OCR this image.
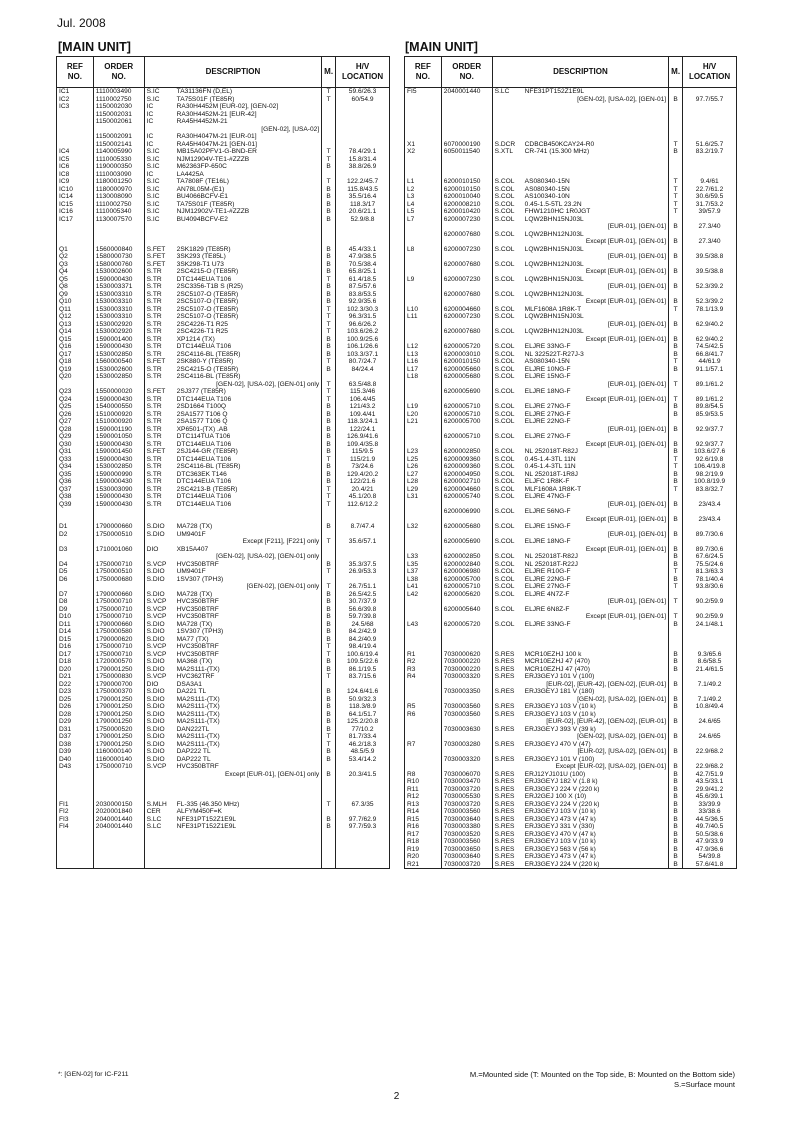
Jul. 2008
[MAIN UNIT]	[MAIN UNIT]
REF
NO.	ORDER
NO.	DESCRIPTION	M.	H/V
LOCATION
IC1	1110003490	S.IC TA31136FN (D,EL)	T	59.6/26.3
IC2	1110002750	S.IC TA75S01F (TE85R)	T	60/54.9
IC3	1150002030	IC RA30H4452M [EUR-02], [GEN-02]		
	1150002031	IC RA30H4452M-21 [EUR-42]		
	1150002061	IC RA45H4452M-21		
		[GEN-02], [USA-02]		
	1150002091	IC RA30H4047M-21 [EUR-01]		
	1150002141	IC RA45H4047M-21 [GEN-01]		
IC4	1140005990	S.IC MB15A02PFV1-G-BND-ER	T	78.4/29.1
IC5	1110005330	S.IC NJM12904V-TE1-#ZZZB	T	15.8/31.4
IC6	1190000350	S.IC M62363FP-650C	B	38.8/26.9
IC8	1110003090	IC LA4425A		
IC9	1180001250	S.IC TA7808F (TE16L)	T	122.2/45.7
IC10	1180000970	S.IC AN78L05M-(E1)	B	115.8/43.5
IC14	1130008090	S.IC BU4066BCFV-E1	B	35.5/16.4
IC15	1110002750	S.IC TA75S01F (TE85R)	B	118.3/17
IC16	1110005340	S.IC NJM12902V-TE1-#ZZZB	B	20.6/21.1
IC17	1130007570	S.IC BU4094BCFV-E2	B	52.9/8.8

Q1	1560000840	S.FET 2SK1829 (TE85R)	B	45.4/33.1
Q2	1580000730	S.FET 3SK293 (TE85L)	B	47.9/38.5
Q3	1580000760	S.FET 3SK298-T1 U73	B	70.5/38.4
Q4	1530002600	S.TR 2SC4215-O (TE85R)	B	65.8/25.1
Q5	1590000430	S.TR DTC144EUA T106	T	61.4/18.5
Q8	1530003371	S.TR 2SC3356-T1B S (R25)	B	87.5/57.6
Q9	1530003310	S.TR 2SC5107-O (TE85R)	B	83.8/53.5
Q10	1530003310	S.TR 2SC5107-O (TE85R)	B	92.9/35.6
Q11	1530003310	S.TR 2SC5107-O (TE85R)	T	102.3/30.3
Q12	1530003310	S.TR 2SC5107-O (TE85R)	T	96.3/31.5
Q13	1530002920	S.TR 2SC4226-T1 R25	T	96.6/26.2
Q14	1530002920	S.TR 2SC4226-T1 R25	T	103.6/26.2
Q15	1590001400	S.TR XP1214 (TX)	B	100.9/25.6
Q16	1590000430	S.TR DTC144EUA T106	B	106.1/26.6
Q17	1530002850	S.TR 2SC4116-BL (TE85R)	B	103.3/37.1
Q18	1560000540	S.FET 2SK880-Y (TE85R)	T	80.7/24.7
Q19	1530002600	S.TR 2SC4215-O (TE85R)	B	84/24.4
Q20	1530002850	S.TR 2SC4116-BL (TE85R)		
		[GEN-02], [USA-02], [GEN-01] only	T	63.5/48.8
Q23	1550000020	S.FET 2SJ377 (TE85R)	T	115.3/46
Q24	1590000430	S.TR DTC144EUA T106	T	106.4/45
Q25	1540000550	S.TR 2SD1664 T100Q	B	121/43.2
Q26	1510000920	S.TR 2SA1577 T106 Q	B	109.4/41
Q27	1510000920	S.TR 2SA1577 T106 Q	B	118.3/24.1
Q28	1590001190	S.TR XP6501-(TX) .AB	B	122/24.1
Q29	1590001050	S.TR DTC114TUA T106	B	126.9/41.6
Q30	1590000430	S.TR DTC144EUA T106	B	109.4/35.8
Q31	1590001450	S.FET 2SJ144-GR (TE85R)	B	115/9.5
Q33	1590000430	S.TR DTC144EUA T106	T	115/21.9
Q34	1530002850	S.TR 2SC4116-BL (TE85R)	B	73/24.6
Q35	1590000990	S.TR DTC363EK T146	B	129.4/20.2
Q36	1590000430	S.TR DTC144EUA T106	B	122/21.6
Q37	1530003090	S.TR 2SC4213-B (TE85R)	T	20.4/21
Q38	1590000430	S.TR DTC144EUA T106	T	45.1/20.8
Q39	1590000430	S.TR DTC144EUA T106	T	112.6/12.2

D1	1790000660	S.DIO MA728 (TX)	B	8.7/47.4
D2	1750000510	S.DIO UM9401F		
		Except [F211], [F221] only	T	35.6/57.1
D3	1710001060	DIO XB15A407		
		[GEN-02], [USA-02], [GEN-01] only		
D4	1750000710	S.VCP HVC350BTRF	B	35.3/37.5
D5	1750000510	S.DIO UM9401F	T	26.9/53.3
D6	1750000680	S.DIO 1SV307 (TPH3)		
		[GEN-02], [GEN-01] only	T	26.7/51.1
D7	1790000660	S.DIO MA728 (TX)	B	26.5/42.5
D8	1750000710	S.VCP HVC350BTRF	B	30.7/37.9
D9	1750000710	S.VCP HVC350BTRF	B	56.6/39.8
D10	1750000710	S.VCP HVC350BTRF	B	59.7/39.8
D11	1790000660	S.DIO MA728 (TX)	B	24.5/68
D14	1750000580	S.DIO 1SV307 (TPH3)	B	84.2/42.9
D15	1790000620	S.DIO MA77 (TX)	B	84.2/40.9
D16	1750000710	S.VCP HVC350BTRF	T	98.4/19.4
D17	1750000710	S.VCP HVC350BTRF	T	100.6/19.4
D18	1720000570	S.DIO MA368 (TX)	B	109.5/22.6
D20	1790001250	S.DIO MA2S111-(TX)	B	86.1/19.5
D21	1750000830	S.VCP HVC362TRF	T	83.7/15.6
D22	1790000700	DIO DSA3A1		
D23	1750000370	S.DIO DA221 TL	B	124.6/41.6
D25	1790001250	S.DIO MA2S111-(TX)	B	50.9/32.3
D26	1790001250	S.DIO MA2S111-(TX)	B	118.3/8.9
D28	1790001250	S.DIO MA2S111-(TX)	B	64.1/51.7
D29	1790001250	S.DIO MA2S111-(TX)	B	125.2/20.8
D31	1750000520	S.DIO DAN222TL	B	77/10.2
D37	1790001250	S.DIO MA2S111-(TX)	T	81.7/33.4
D38	1790001250	S.DIO MA2S111-(TX)	T	46.2/18.3
D39	1160000140	S.DIO DAP222 TL	B	48.5/5.9
D40	1160000140	S.DIO DAP222 TL	B	53.4/14.2
D43	1750000710	S.VCP HVC350BTRF		
		Except [EUR-01], [GEN-01] only	B	20.3/41.5

FI1	2030000150	S.MLH FL-335 (46.350 MHz)	T	67.3/35
FI2	2020001840	CER ALFYM450F=K		
FI3	2040001440	S.LC NFE31PT152Z1E9L	B	97.7/62.9
FI4	2040001440	S.LC NFE31PT152Z1E9L	B	97.7/59.3

REF
NO.	ORDER
NO.	DESCRIPTION	M.	H/V
LOCATION
FI5	2040001440	S.LC NFE31PT152Z1E9L		
		[GEN-02], [USA-02], [GEN-01]	B	97.7/55.7

X1	6070000190	S.DCR CDBCB450KCAY24-R0	T	51.6/25.7
X2	6050011540	S.XTL CR-741 (15.300 MHz)	B	83.2/19.7

L1	6200010150	S.COL AS080340-15N	T	9.4/61
L2	6200010150	S.COL AS080340-15N	T	22.7/61.2
L3	6200010040	S.COL AS100340-10N	T	30.6/59.5
L4	6200008210	S.COL 0.45-1.5-5TL 23.2N	T	31.7/53.2
L5	6200010420	S.COL FHW1210HC 1R0JGT	T	39/57.9
L7	6200007230	S.COL LQW2BHN15NJ03L		
		[EUR-01], [GEN-01]	B	27.3/40
	6200007680	S.COL LQW2BHN12NJ03L		
		Except [EUR-01], [GEN-01]	B	27.3/40
L8	6200007230	S.COL LQW2BHN15NJ03L		
		[EUR-01], [GEN-01]	B	39.5/38.8
	6200007680	S.COL LQW2BHN12NJ03L		
		Except [EUR-01], [GEN-01]	B	39.5/38.8
L9	6200007230	S.COL LQW2BHN15NJ03L		
		[EUR-01], [GEN-01]	B	52.3/39.2
	6200007680	S.COL LQW2BHN12NJ03L		
		Except [EUR-01], [GEN-01]	B	52.3/39.2
L10	6200004660	S.COL MLF1608A 1R8K-T	T	78.1/13.9
L11	6200007230	S.COL LQW2BHN15NJ03L		
		[EUR-01], [GEN-01]	B	62.9/40.2
	6200007680	S.COL LQW2BHN12NJ03L		
		Except [EUR-01], [GEN-01]	B	62.9/40.2
L12	6200005720	S.COL ELJRE 33NG-F	B	74.5/42.5
L13	6200003010	S.COL NL 322522T-R27J-3	B	66.8/41.7
L16	6200010150	S.COL AS080340-15N	T	44/61.9
L17	6200005660	S.COL ELJRE 10NG-F	B	91.1/57.1
L18	6200005680	S.COL ELJRE 15NG-F		
		[EUR-01], [GEN-01]	T	89.1/61.2
	6200005690	S.COL ELJRE 18NG-F		
		Except [EUR-01], [GEN-01]	T	89.1/61.2
L19	6200005710	S.COL ELJRE 27NG-F	B	89.8/54.5
L20	6200005710	S.COL ELJRE 27NG-F	B	85.9/53.5
L21	6200005700	S.COL ELJRE 22NG-F		
		[EUR-01], [GEN-01]	B	92.9/37.7
	6200005710	S.COL ELJRE 27NG-F		
		Except [EUR-01], [GEN-01]	B	92.9/37.7
L23	6200002850	S.COL NL 252018T-R82J	B	103.6/27.6
L25	6200009360	S.COL 0.45-1.4-3TL 11N	T	92.6/19.8
L26	6200009360	S.COL 0.45-1.4-3TL 11N	T	106.4/19.8
L27	6200004950	S.COL NL 252018T-1R8J	B	98.2/19.9
L28	6200002710	S.COL ELJFC 1R8K-F	B	100.8/19.9
L29	6200004660	S.COL MLF1608A 1R8K-T	T	83.8/32.7
L31	6200005740	S.COL ELJRE 47NG-F		
		[EUR-01], [GEN-01]	B	23/43.4
	6200006990	S.COL ELJRE 56NG-F		
		Except [EUR-01], [GEN-01]	B	23/43.4
L32	6200005680	S.COL ELJRE 15NG-F		
		[EUR-01], [GEN-01]	B	89.7/30.6
	6200005690	S.COL ELJRE 18NG-F		
		Except [EUR-01], [GEN-01]	B	89.7/30.6
L33	6200002850	S.COL NL 252018T-R82J	B	67.6/24.5
L35	6200002840	S.COL NL 252018T-R22J	B	75.5/24.6
L37	6200006980	S.COL ELJRE R10G-F	T	81.3/63.3
L38	6200005700	S.COL ELJRE 22NG-F	B	78.1/40.4
L41	6200005710	S.COL ELJRE 27NG-F	T	93.8/30.6
L42	6200005620	S.COL ELJRE 4N7Z-F		
		[EUR-01], [GEN-01]	T	90.2/59.9
	6200005640	S.COL ELJRE 6N8Z-F		
		Except [EUR-01], [GEN-01]	T	90.2/59.9
L43	6200005720	S.COL ELJRE 33NG-F	B	24.1/48.1

R1	7030000620	S.RES MCR10EZHJ 100 k	B	9.3/65.6
R2	7030000220	S.RES MCR10EZHJ 47 (470)	B	8.6/58.5
R3	7030000220	S.RES MCR10EZHJ 47 (470)	B	21.4/61.5
R4	7030003320	S.RES ERJ3GEYJ 101 V (100)		
		[EUR-02], [EUR-42], [GEN-02], [EUR-01]	B	7.1/49.2
	7030003350	S.RES ERJ3GEYJ 181 V (180)		
		[GEN-02], [USA-02], [GEN-01]	B	7.1/49.2
R5	7030003560	S.RES ERJ3GEYJ 103 V (10 k)	B	10.8/49.4
R6	7030003560	S.RES ERJ3GEYJ 103 V (10 k)		
		[EUR-02], [EUR-42], [GEN-02], [EUR-01]	B	24.6/65
	7030003630	S.RES ERJ3GEYJ 393 V (39 k)		
		[GEN-02], [USA-02], [GEN-01]	B	24.6/65
R7	7030003280	S.RES ERJ3GEYJ 470 V (47)		
		[EUR-02], [USA-02], [GEN-01]	B	22.9/68.2
	7030003320	S.RES ERJ3GEYJ 101 V (100)		
		Except [EUR-02], [USA-02], [GEN-01]	B	22.9/68.2
R8	7030006070	S.RES ERJ12YJ101U (100)	B	42.7/51.9
R10	7030003470	S.RES ERJ3GEYJ 182 V (1.8 k)	B	43.5/33.1
R11	7030003720	S.RES ERJ3GEYJ 224 V (220 k)	B	29.9/41.2
R12	7030005530	S.RES ERJ2GEJ 100 X (10)	B	45.6/39.1
R13	7030003720	S.RES ERJ3GEYJ 224 V (220 k)	B	33/39.9
R14	7030003560	S.RES ERJ3GEYJ 103 V (10 k)	B	33/38.6
R15	7030003640	S.RES ERJ3GEYJ 473 V (47 k)	B	44.5/36.5
R16	7030003380	S.RES ERJ3GEYJ 331 V (330)	B	49.7/40.5
R17	7030003520	S.RES ERJ3GEYJ 470 V (47 k)	B	50.5/38.6
R18	7030003560	S.RES ERJ3GEYJ 103 V (10 k)	B	47.9/33.9
R19	7030003650	S.RES ERJ3GEYJ 563 V (56 k)	B	47.9/36.6
R20	7030003640	S.RES ERJ3GEYJ 473 V (47 k)	B	54/39.8
R21	7030003720	S.RES ERJ3GEYJ 224 V (220 k)	B	57.6/41.8
*: [GEN-02] for IC-F211	M.=Mounted side (T: Mounted on the Top side, B: Mounted on the Bottom side)
S.=Surface mount
2
